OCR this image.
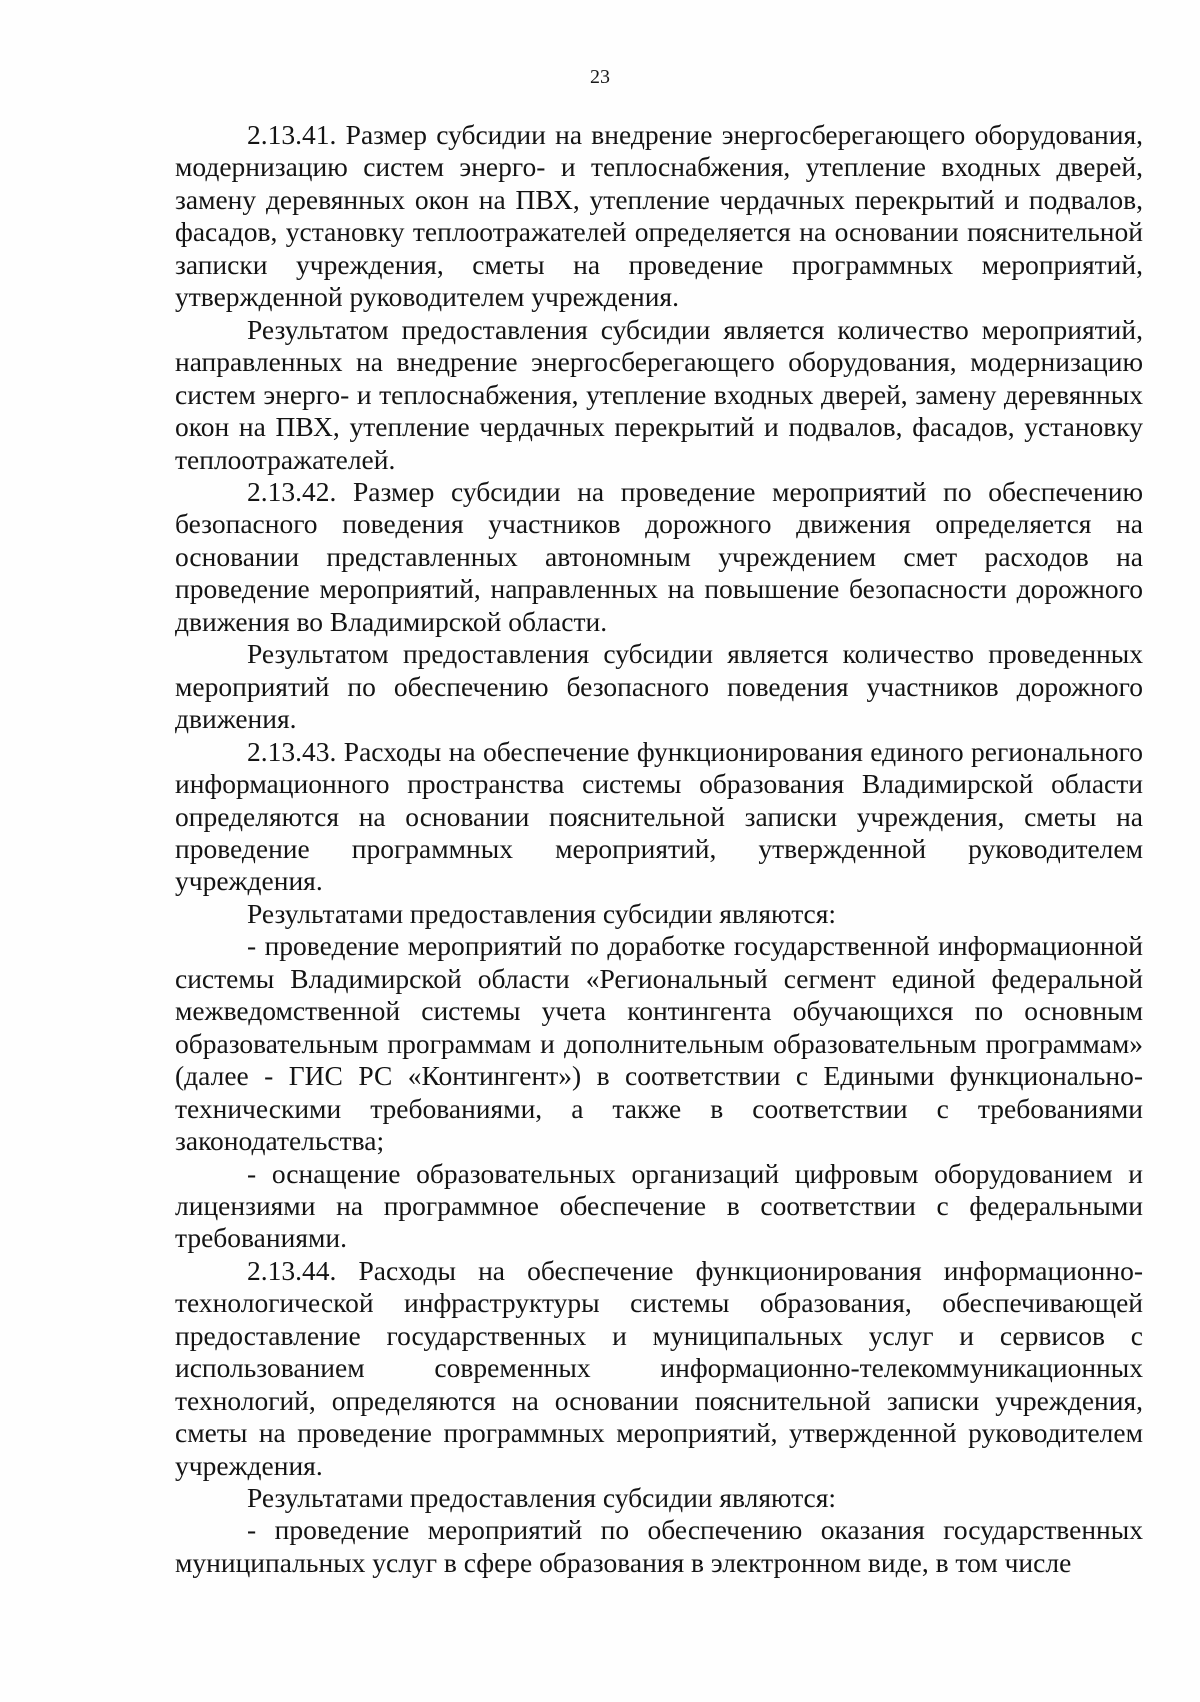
23

2.13.41. Размер субсидии на внедрение энергосберегающего оборудования, модернизацию систем энерго- и теплоснабжения, утепление входных дверей, замену деревянных окон на ПВХ, утепление чердачных перекрытий и подвалов, фасадов, установку теплоотражателей определяется на основании пояснительной записки учреждения, сметы на проведение программных мероприятий, утвержденной руководителем учреждения.

Результатом предоставления субсидии является количество мероприятий, направленных на внедрение энергосберегающего оборудования, модернизацию систем энерго- и теплоснабжения, утепление входных дверей, замену деревянных окон на ПВХ, утепление чердачных перекрытий и подвалов, фасадов, установку теплоотражателей.

2.13.42. Размер субсидии на проведение мероприятий по обеспечению безопасного поведения участников дорожного движения определяется на основании представленных автономным учреждением смет расходов на проведение мероприятий, направленных на повышение безопасности дорожного движения во Владимирской области.

Результатом предоставления субсидии является количество проведенных мероприятий по обеспечению безопасного поведения участников дорожного движения.

2.13.43. Расходы на обеспечение функционирования единого регионального информационного пространства системы образования Владимирской области определяются на основании пояснительной записки учреждения, сметы на проведение программных мероприятий, утвержденной руководителем учреждения.

Результатами предоставления субсидии являются:

- проведение мероприятий по доработке государственной информационной системы Владимирской области «Региональный сегмент единой федеральной межведомственной системы учета контингента обучающихся по основным образовательным программам и дополнительным образовательным программам» (далее - ГИС РС «Контингент») в соответствии с Едиными функционально-техническими требованиями, а также в соответствии с требованиями законодательства;

- оснащение образовательных организаций цифровым оборудованием и лицензиями на программное обеспечение в соответствии с федеральными требованиями.

2.13.44. Расходы на обеспечение функционирования информационно-технологической инфраструктуры системы образования, обеспечивающей предоставление государственных и муниципальных услуг и сервисов с использованием современных информационно-телекоммуникационных технологий, определяются на основании пояснительной записки учреждения, сметы на проведение программных мероприятий, утвержденной руководителем учреждения.

Результатами предоставления субсидии являются:

- проведение мероприятий по обеспечению оказания государственных муниципальных услуг в сфере образования в электронном виде, в том числе
